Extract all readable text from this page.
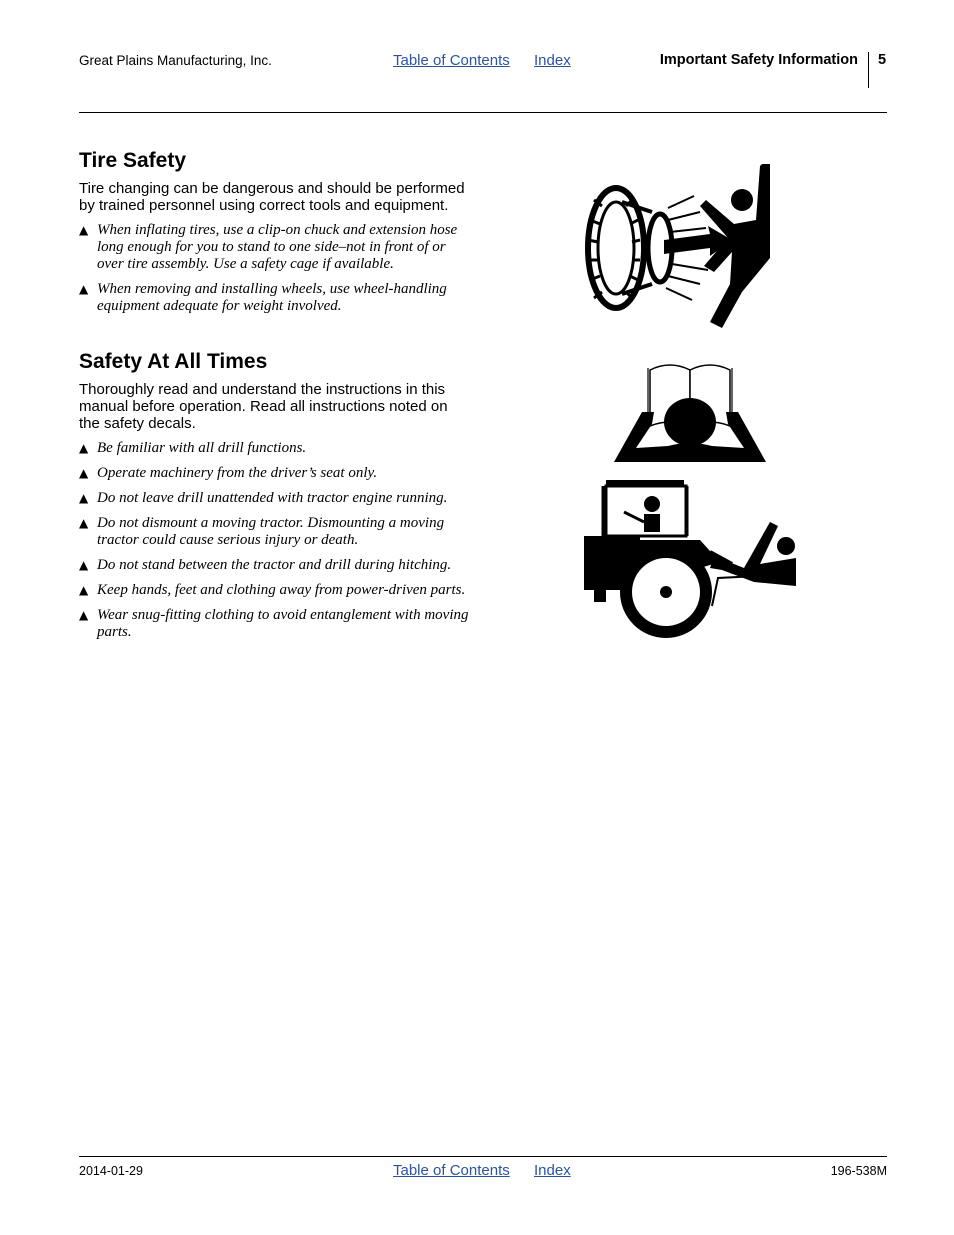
Great Plains Manufacturing, Inc.	Table of Contents Index	Important Safety Information 5
Tire Safety

Tire changing can be dangerous and should be performed by trained personnel using correct tools and equipment.

▲ When inflating tires, use a clip-on chuck and extension hose long enough for you to stand to one side–not in front of or over tire assembly. Use a safety cage if available.
▲ When removing and installing wheels, use wheel-handling equipment adequate for weight involved.
Safety At All Times

Thoroughly read and understand the instructions in this manual before operation. Read all instructions noted on the safety decals.

▲ Be familiar with all drill functions.
▲ Operate machinery from the driver’s seat only.
▲ Do not leave drill unattended with tractor engine running.
▲ Do not dismount a moving tractor. Dismounting a moving tractor could cause serious injury or death.
▲ Do not stand between the tractor and drill during hitching.
▲ Keep hands, feet and clothing away from power-driven parts.
▲ Wear snug-fitting clothing to avoid entanglement with moving parts.
2014-01-29	Table of Contents Index	196-538M
